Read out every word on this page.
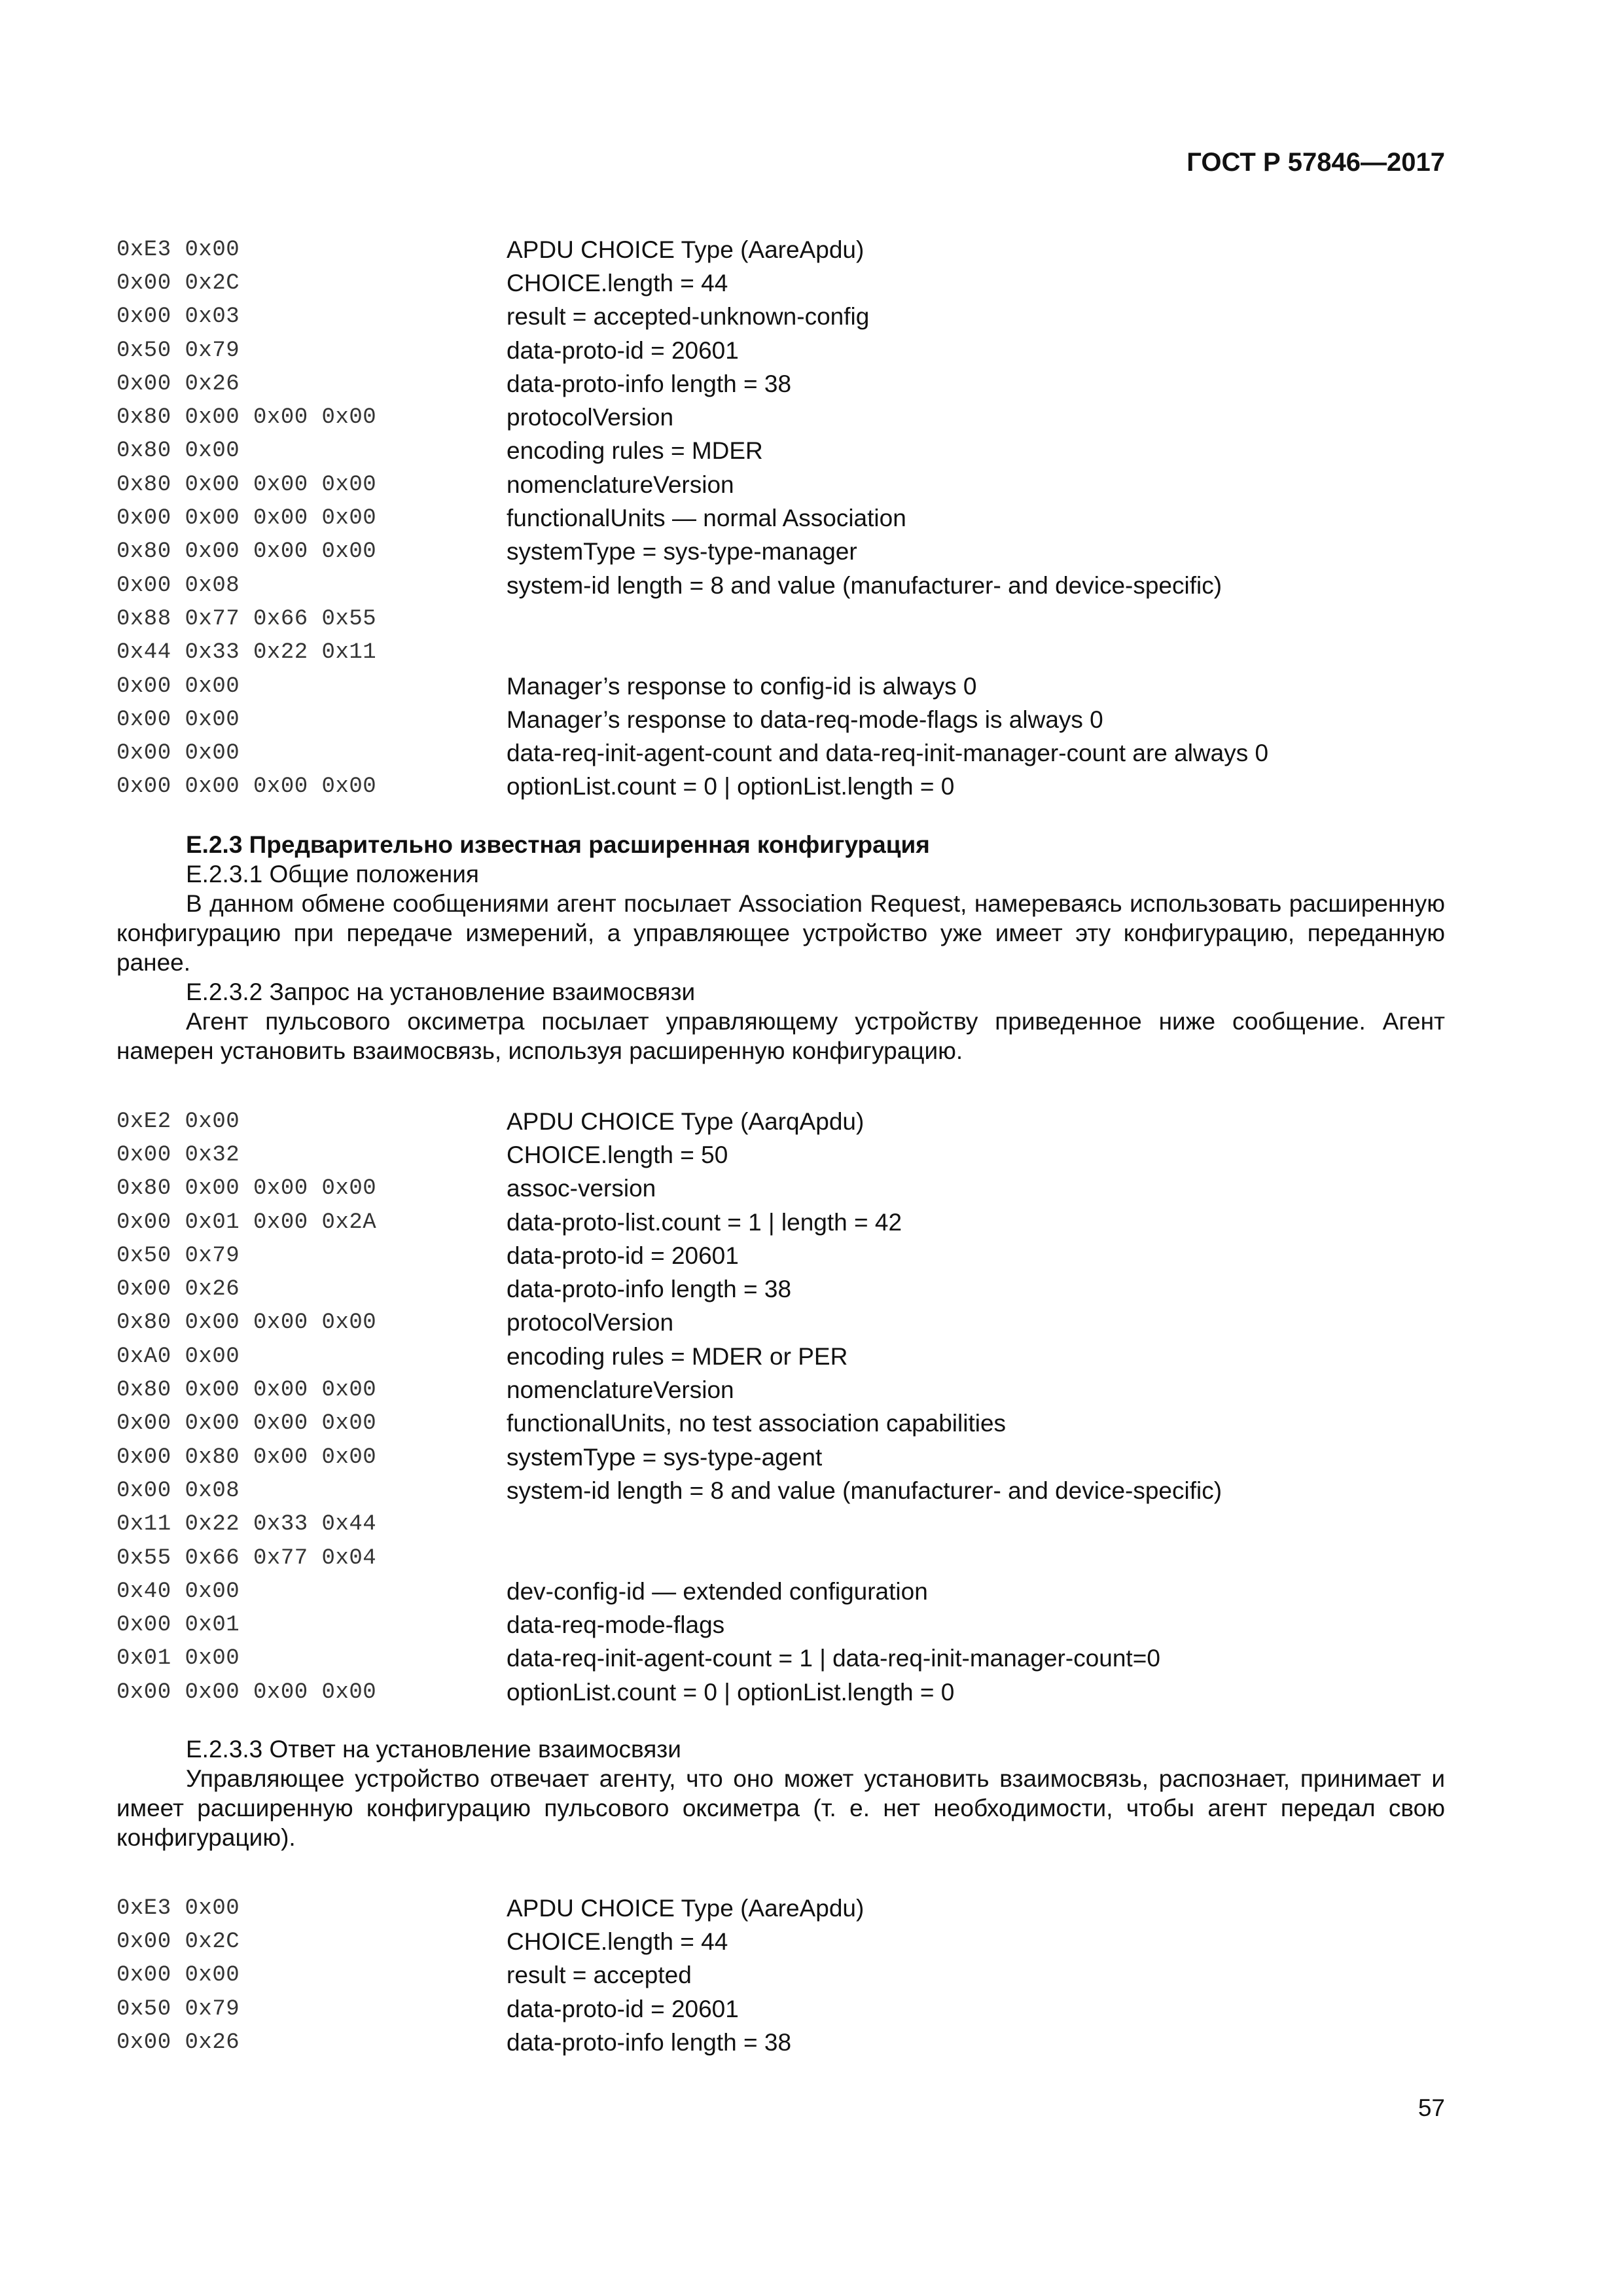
ГОСТ Р 57846—2017
0xE3 0x00	APDU CHOICE Type (AareApdu)
0x00 0x2C	CHOICE.length = 44
0x00 0x03	result = accepted-unknown-config
0x50 0x79	data-proto-id = 20601
0x00 0x26	data-proto-info length = 38
0x80 0x00 0x00 0x00	protocolVersion
0x80 0x00	encoding rules = MDER
0x80 0x00 0x00 0x00	nomenclatureVersion
0x00 0x00 0x00 0x00	functionalUnits — normal Association
0x80 0x00 0x00 0x00	systemType = sys-type-manager
0x00 0x08	system-id length = 8 and value (manufacturer- and device-specific)
0x88 0x77 0x66 0x55
0x44 0x33 0x22 0x11
0x00 0x00	Manager’s response to config-id is always 0
0x00 0x00	Manager’s response to data-req-mode-flags is always 0
0x00 0x00	data-req-init-agent-count and data-req-init-manager-count are always 0
0x00 0x00 0x00 0x00	optionList.count = 0 | optionList.length = 0

Е.2.3 Предварительно известная расширенная конфигурация

Е.2.3.1 Общие положения

В данном обмене сообщениями агент посылает Association Request, намереваясь использовать расширенную конфигурацию при передаче измерений, а управляющее устройство уже имеет эту конфигурацию, переданную ранее.

Е.2.3.2 Запрос на установление взаимосвязи

Агент пульсового оксиметра посылает управляющему устройству приведенное ниже сообщение. Агент намерен установить взаимосвязь, используя расширенную конфигурацию.

0xE2 0x00	APDU CHOICE Type (AarqApdu)
0x00 0x32	CHOICE.length = 50
0x80 0x00 0x00 0x00	assoc-version
0x00 0x01 0x00 0x2A	data-proto-list.count = 1 | length = 42
0x50 0x79	data-proto-id = 20601
0x00 0x26	data-proto-info length = 38
0x80 0x00 0x00 0x00	protocolVersion
0xA0 0x00	encoding rules = MDER or PER
0x80 0x00 0x00 0x00	nomenclatureVersion
0x00 0x00 0x00 0x00	functionalUnits, no test association capabilities
0x00 0x80 0x00 0x00	systemType = sys-type-agent
0x00 0x08	system-id length = 8 and value (manufacturer- and device-specific)
0x11 0x22 0x33 0x44
0x55 0x66 0x77 0x04
0x40 0x00	dev-config-id — extended configuration
0x00 0x01	data-req-mode-flags
0x01 0x00	data-req-init-agent-count = 1 | data-req-init-manager-count=0
0x00 0x00 0x00 0x00	optionList.count = 0 | optionList.length = 0

Е.2.3.3 Ответ на установление взаимосвязи

Управляющее устройство отвечает агенту, что оно может установить взаимосвязь, распознает, принимает и имеет расширенную конфигурацию пульсового оксиметра (т. е. нет необходимости, чтобы агент передал свою конфигурацию).

0xE3 0x00	APDU CHOICE Type (AareApdu)
0x00 0x2C	CHOICE.length = 44
0x00 0x00	result = accepted
0x50 0x79	data-proto-id = 20601
0x00 0x26	data-proto-info length = 38
57
